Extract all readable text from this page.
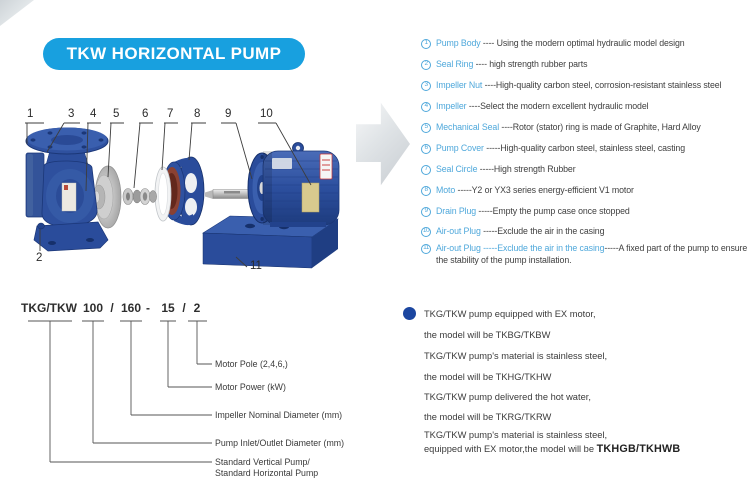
TKW HORIZONTAL PUMP
1
2
3 4 5 6 7 8 9 10
11
1 Pump Body ---- Using the modern optimal hydraulic model design
2 Seal Ring ---- high strength rubber parts
3 Impeller Nut ----High-quality carbon steel, corrosion-resistant stainless steel
4 Impeller ----Select the modern excellent hydraulic model
5 Mechanical Seal ----Rotor (stator) ring is made of Graphite, Hard Alloy
6 Pump Cover -----High-quality carbon steel, stainless steel, casting
7 Seal Circle -----High strength Rubber
8 Moto -----Y2 or YX3 series energy-efficient V1 motor
9 Drain Plug -----Empty the pump case once stopped
10 Air-out Plug -----Exclude the air in the casing
11 Air-out Plug -----Exclude the air in the casing-----A fixed part of the pump to ensure the stability of the pump installation.
TKG/TKW 100 / 160 - 15 / 2
Motor Pole (2,4,6,)
Motor Power (kW)
Impeller Nominal Diameter (mm)
Pump Inlet/Outlet Diameter (mm)
Standard Vertical Pump/
Standard Horizontal Pump
TKG/TKW pump equipped with EX motor,
the model will be TKBG/TKBW
TKG/TKW pump's material is stainless steel,
the model will be TKHG/TKHW
TKG/TKW pump delivered the hot water,
the model will be TKRG/TKRW
TKG/TKW pump's material is stainless steel,
equipped with EX motor,the model will be TKHGB/TKHWB
